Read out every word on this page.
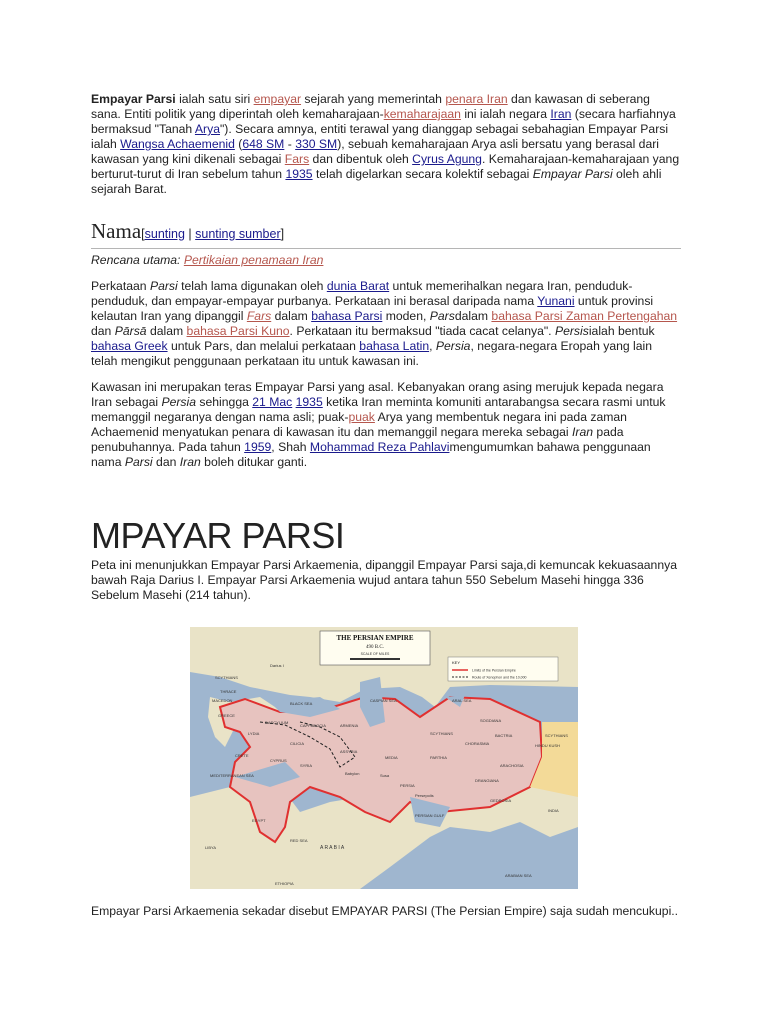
Empayar Parsi ialah satu siri empayar sejarah yang memerintah penara Iran dan kawasan di seberang sana. Entiti politik yang diperintah oleh kemaharajaan-kemaharajaan ini ialah negara Iran (secara harfiahnya bermaksud "Tanah Arya"). Secara amnya, entiti terawal yang dianggap sebagai sebahagian Empayar Parsi ialah Wangsa Achaemenid (648 SM - 330 SM), sebuah kemaharajaan Arya asli bersatu yang berasal dari kawasan yang kini dikenali sebagai Fars dan dibentuk oleh Cyrus Agung. Kemaharajaan-kemaharajaan yang berturut-turut di Iran sebelum tahun 1935 telah digelarkan secara kolektif sebagai Empayar Parsi oleh ahli sejarah Barat.

Nama[sunting | sunting sumber]

Rencana utama: Pertikaian penamaan Iran

Perkataan Parsi telah lama digunakan oleh dunia Barat untuk memerihalkan negara Iran, penduduk-penduduk, dan empayar-empayar purbanya. Perkataan ini berasal daripada nama Yunani untuk provinsi kelautan Iran yang dipanggil Fars dalam bahasa Parsi moden, Parsdalam bahasa Parsi Zaman Pertengahan dan Pārsā dalam bahasa Parsi Kuno. Perkataan itu bermaksud "tiada cacat celanya". Persisialah bentuk bahasa Greek untuk Pars, dan melalui perkataan bahasa Latin, Persia, negara-negara Eropah yang lain telah mengikut penggunaan perkataan itu untuk kawasan ini.

Kawasan ini merupakan teras Empayar Parsi yang asal. Kebanyakan orang asing merujuk kepada negara Iran sebagai Persia sehingga 21 Mac 1935 ketika Iran meminta komuniti antarabangsa secara rasmi untuk memanggil negaranya dengan nama asli; puak-puak Arya yang membentuk negara ini pada zaman Achaemenid menyatukan penara di kawasan itu dan memanggil negara mereka sebagai Iran pada penubuhannya. Pada tahun 1959, Shah Mohammad Reza Pahlavimengumumkan bahawa penggunaan nama Parsi dan Iran boleh ditukar ganti.

MPAYAR PARSI

Peta ini menunjukkan Empayar Parsi Arkaemenia, dipanggil Empayar Parsi saja,di kemuncak kekuasaannya bawah Raja Darius I. Empayar Parsi Arkaemenia wujud antara tahun 550 Sebelum Masehi hingga 336 Sebelum Masehi (214 tahun).

THE PERSIAN EMPIRE
490 B.C.
SCALE OF MILES
KEY
Limits of the Persian Empire
Route of Xenophon and the 10,000
SCYTHIANS
Darius I
THRACE
MACEDON
GREECE
BLACK SEA
CASPIAN SEA	ARAL SEA
SOGDIANA
SCYTHIANS
SCYTHIANS
DASCYLIUM
LYDIA
CAPPADOCIA	ARMENIA
CILICIA
CRETE
CYPRUS
MEDITERRANEAN SEA
SYRIA
ASSYRIA
MEDIA	PARTHIA
BACTRIA
CHORASMIA
ARACHOSIA
Babylon	Susa
Persepolis
PERSIA
DRANGIANA
GEDROSIA
INDIA
HINDU KUSH
LIBYA
EGYPT
A R A B I A
PERSIAN GULF
RED SEA
ETHIOPIA
ARABIAN SEA
Empayar Parsi Arkaemenia sekadar disebut EMPAYAR PARSI (The Persian Empire) saja sudah mencukupi..
